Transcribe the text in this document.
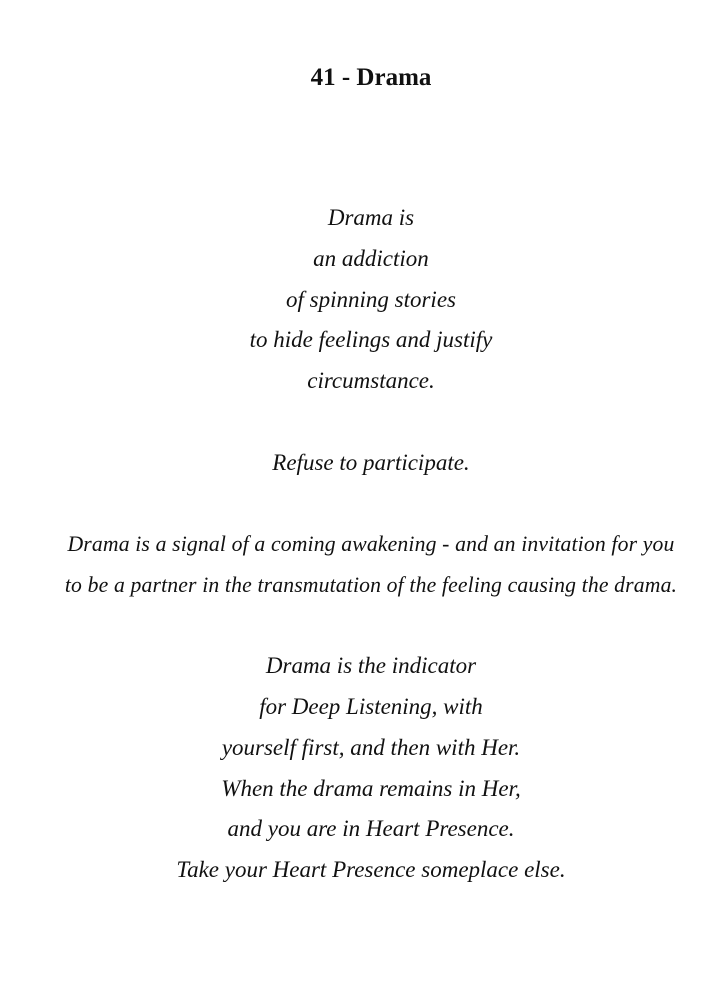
41 - Drama
Drama is
an addiction
of spinning stories
to hide feelings and justify
circumstance.
Refuse to participate.
Drama is a signal of a coming awakening - and an invitation for you
to be a partner in the transmutation of the feeling causing the drama.
Drama is the indicator
for Deep Listening, with
yourself first, and then with Her.
When the drama remains in Her,
and you are in Heart Presence.
Take your Heart Presence someplace else.
